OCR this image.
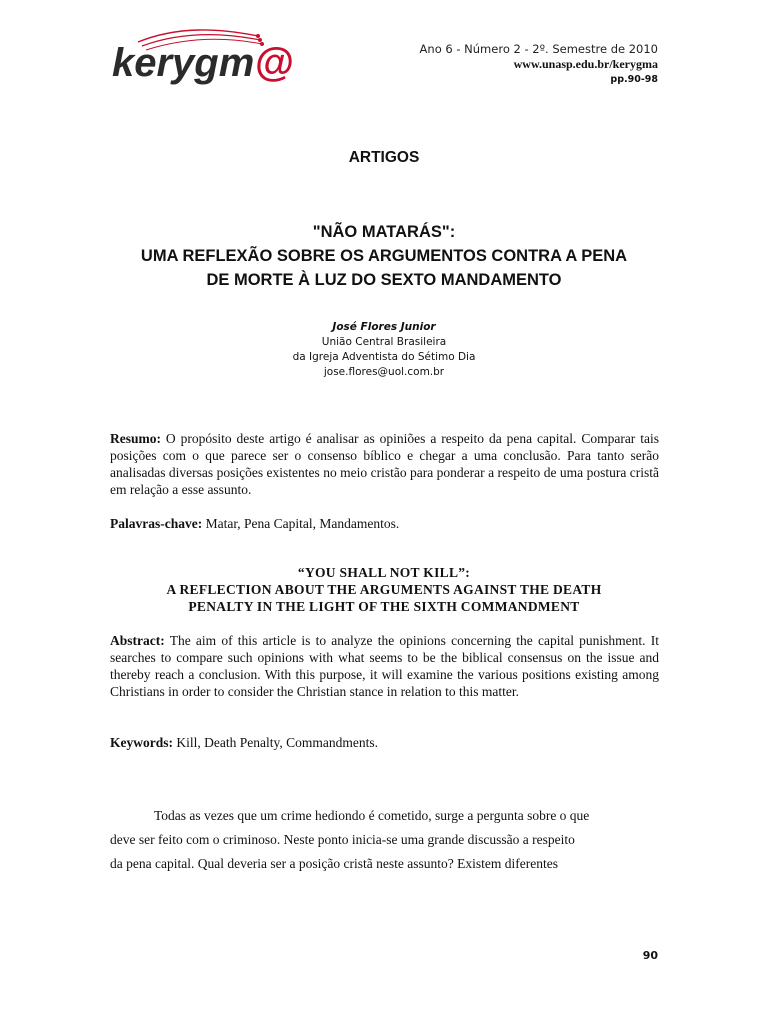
kerygm@	Ano 6 - Número 2 - 2º. Semestre de 2010
www.unasp.edu.br/kerygma
pp.90-98
ARTIGOS
"NÃO MATARÁS":
UMA REFLEXÃO SOBRE OS ARGUMENTOS CONTRA A PENA
DE MORTE À LUZ DO SEXTO MANDAMENTO
José Flores Junior
União Central Brasileira
da Igreja Adventista do Sétimo Dia
jose.flores@uol.com.br
Resumo: O propósito deste artigo é analisar as opiniões a respeito da pena capital. Comparar tais posições com o que parece ser o consenso bíblico e chegar a uma conclusão. Para tanto serão analisadas diversas posições existentes no meio cristão para ponderar a respeito de uma postura cristã em relação a esse assunto.
Palavras-chave: Matar, Pena Capital, Mandamentos.
“YOU SHALL NOT KILL”:
A REFLECTION ABOUT THE ARGUMENTS AGAINST THE DEATH
PENALTY IN THE LIGHT OF THE SIXTH COMMANDMENT
Abstract: The aim of this article is to analyze the opinions concerning the capital punishment. It searches to compare such opinions with what seems to be the biblical consensus on the issue and thereby reach a conclusion. With this purpose, it will examine the various positions existing among Christians in order to consider the Christian stance in relation to this matter.
Keywords: Kill, Death Penalty, Commandments.
Todas as vezes que um crime hediondo é cometido, surge a pergunta sobre o que
deve ser feito com o criminoso. Neste ponto inicia-se uma grande discussão a respeito
da pena capital. Qual deveria ser a posição cristã neste assunto? Existem diferentes
90
